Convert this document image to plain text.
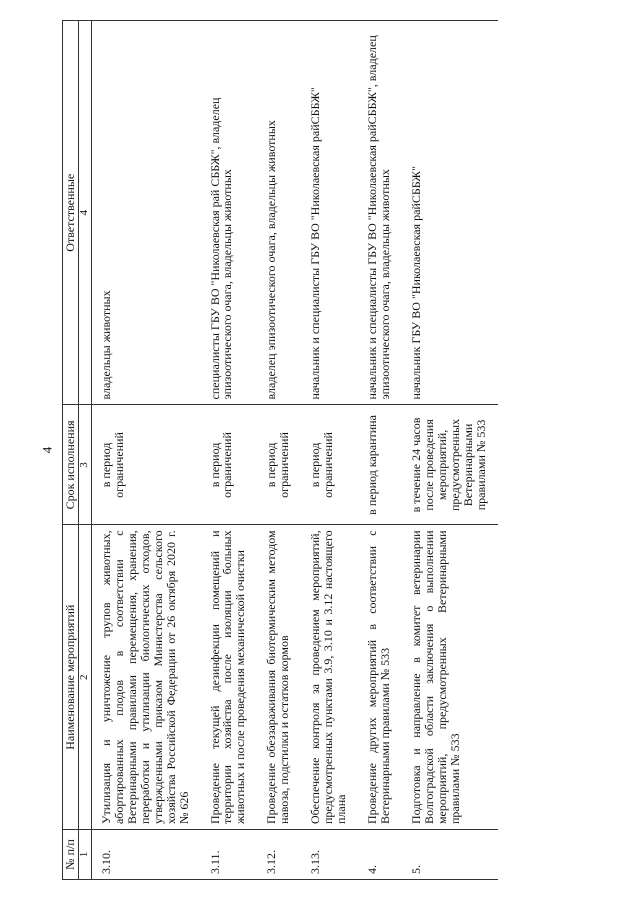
4
№ п/п	Наименование мероприятий	Срок исполнения	Ответственные
1	2	3	4
3.10.	Утилизация и уничтожение трупов животных, абортированных плодов в соответствии с Ветеринарными правилами перемещения, хранения, переработки и утилизации биологических отходов, утвержденными приказом Министерства сельского хозяйства Российской Федерации от 26 октября 2020 г. № 626	в период ограничений	владельцы животных
3.11.	Проведение текущей дезинфекции помещений и территории хозяйства после изоляции больных животных и после проведения механической очистки	в период ограничений	специалисты ГБУ ВО "Николаевская рай СББЖ", владелец эпизоотического очага, владельцы животных
3.12.	Проведение обеззараживания биотермическим методом навоза, подстилки и остатков кормов	в период ограничений	владелец эпизоотического очага, владельцы животных
3.13.	Обеспечение контроля за проведением мероприятий, предусмотренных пунктами 3.9, 3.10 и 3.12 настоящего плана	в период ограничений	начальник и специалисты ГБУ ВО "Николаевская райСББЖ"
4.	Проведение других мероприятий в соответствии с Ветеринарными правилами № 533	в период карантина	начальник и специалисты ГБУ ВО "Николаевская райСББЖ", владелец эпизоотического очага, владельцы животных
5.	Подготовка и направление в комитет ветеринарии Волгоградской области заключения о выполнении мероприятий, предусмотренных Ветеринарными правилами № 533	в течение 24 часов после проведения мероприятий, предусмотренных Ветеринарными правилами № 533	начальник ГБУ ВО "Николаевская райСББЖ"
